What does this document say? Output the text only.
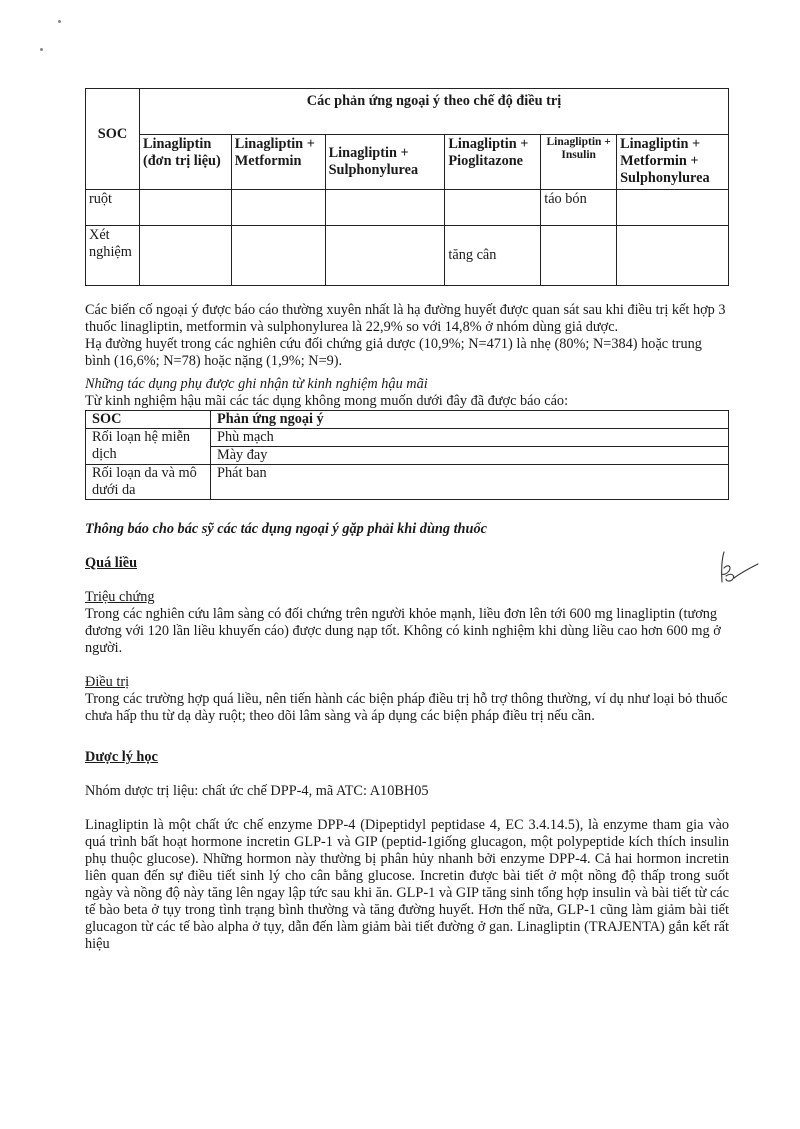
SOC	Các phản ứng ngoại ý theo chế độ điều trị					
	Linagliptin (đơn trị liệu)	Linagliptin + Metformin	Linagliptin + Sulphonylurea	Linagliptin + Pioglitazone	Linagliptin + Insulin	Linagliptin + Metformin + Sulphonylurea
ruột					táo bón	
Xét nghiệm				tăng cân		

Các biến cố ngoại ý được báo cáo thường xuyên nhất là hạ đường huyết được quan sát sau khi điều trị kết hợp 3 thuốc linagliptin, metformin và sulphonylurea là 22,9% so với 14,8% ở nhóm dùng giả dược.

Hạ đường huyết trong các nghiên cứu đối chứng giả dược (10,9%; N=471) là nhẹ (80%; N=384) hoặc trung bình (16,6%; N=78) hoặc nặng (1,9%; N=9).

Những tác dụng phụ được ghi nhận từ kinh nghiệm hậu mãi

Từ kinh nghiệm hậu mãi các tác dụng không mong muốn dưới đây đã được báo cáo:

SOC	Phản ứng ngoại ý
Rối loạn hệ miễn dịch	Phù mạch
	Mày đay
Rối loạn da và mô dưới da	Phát ban

Thông báo cho bác sỹ các tác dụng ngoại ý gặp phải khi dùng thuốc

Quá liều

Triệu chứng

Trong các nghiên cứu lâm sàng có đối chứng trên người khỏe mạnh, liều đơn lên tới 600 mg linagliptin (tương đương với 120 lần liều khuyến cáo) được dung nạp tốt. Không có kinh nghiệm khi dùng liều cao hơn 600 mg ở người.

Điều trị

Trong các trường hợp quá liều, nên tiến hành các biện pháp điều trị hỗ trợ thông thường, ví dụ như loại bỏ thuốc chưa hấp thu từ dạ dày ruột; theo dõi lâm sàng và áp dụng các biện pháp điều trị nếu cần.

Dược lý học

Nhóm dược trị liệu: chất ức chế DPP-4, mã ATC: A10BH05

Linagliptin là một chất ức chế enzyme DPP-4 (Dipeptidyl peptidase 4, EC 3.4.14.5), là enzyme tham gia vào quá trình bất hoạt hormone incretin GLP-1 và GIP (peptid-1giống glucagon, một polypeptide kích thích insulin phụ thuộc glucose). Những hormon này thường bị phân hủy nhanh bởi enzyme DPP-4. Cả hai hormon incretin liên quan đến sự điều tiết sinh lý cho cân bằng glucose. Incretin được bài tiết ở một nồng độ thấp trong suốt ngày và nồng độ này tăng lên ngay lập tức sau khi ăn. GLP-1 và GIP tăng sinh tổng hợp insulin và bài tiết từ các tế bào beta ở tụy trong tình trạng bình thường và tăng đường huyết. Hơn thế nữa, GLP-1 cũng làm giảm bài tiết glucagon từ các tế bào alpha ở tụy, dẫn đến làm giảm bài tiết đường ở gan. Linagliptin (TRAJENTA) gắn kết rất hiệu
